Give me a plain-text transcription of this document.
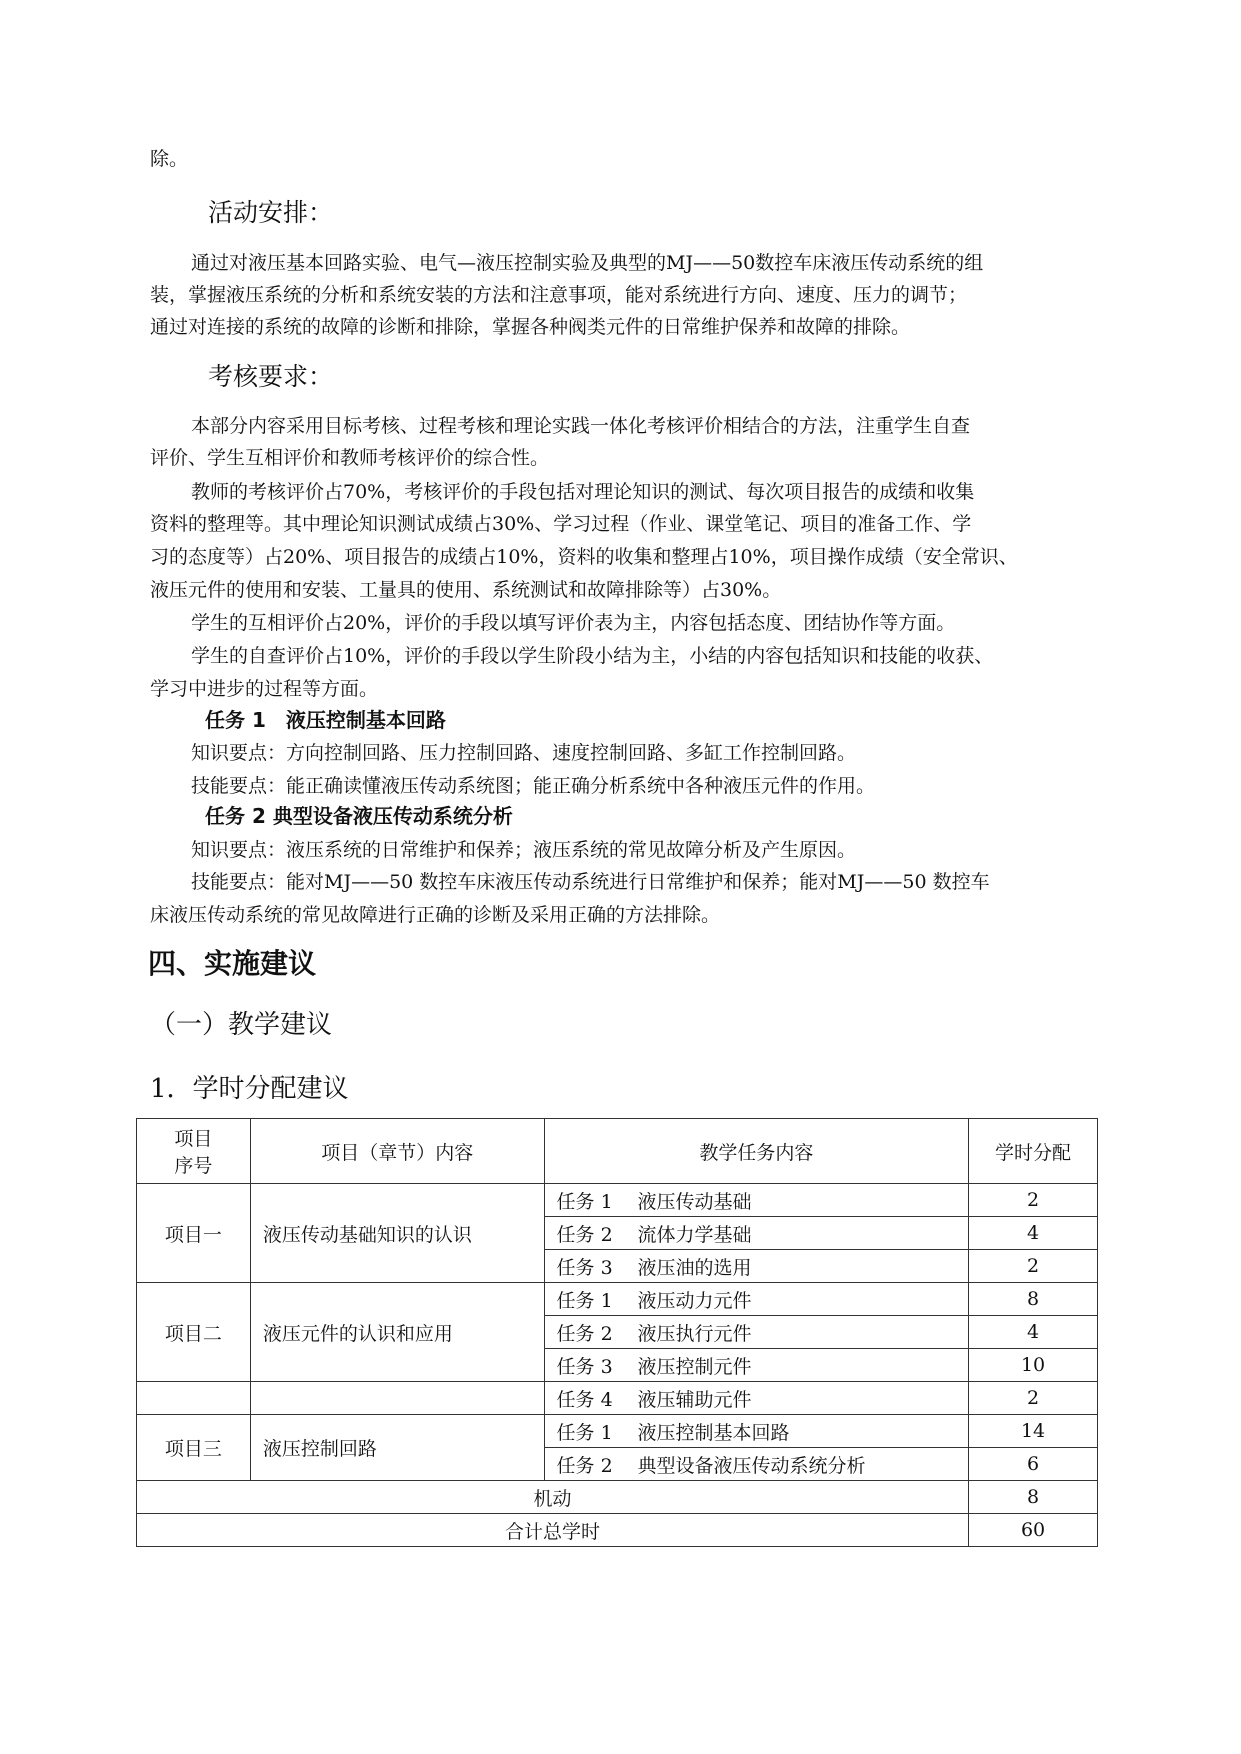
除。
活动安排：
通过对液压基本回路实验、电气—液压控制实验及典型的MJ——50数控车床液压传动系统的组
装，掌握液压系统的分析和系统安装的方法和注意事项，能对系统进行方向、速度、压力的调节；
通过对连接的系统的故障的诊断和排除，掌握各种阀类元件的日常维护保养和故障的排除。
考核要求：
本部分内容采用目标考核、过程考核和理论实践一体化考核评价相结合的方法，注重学生自查
评价、学生互相评价和教师考核评价的综合性。
教师的考核评价占70%，考核评价的手段包括对理论知识的测试、每次项目报告的成绩和收集
资料的整理等。其中理论知识测试成绩占30%、学习过程（作业、课堂笔记、项目的准备工作、学
习的态度等）占20%、项目报告的成绩占10%，资料的收集和整理占10%，项目操作成绩（安全常识、
液压元件的使用和安装、工量具的使用、系统测试和故障排除等）占30%。
学生的互相评价占20%，评价的手段以填写评价表为主，内容包括态度、团结协作等方面。
学生的自查评价占10%，评价的手段以学生阶段小结为主，小结的内容包括知识和技能的收获、
学习中进步的过程等方面。
任务 1　液压控制基本回路
知识要点：方向控制回路、压力控制回路、速度控制回路、多缸工作控制回路。
技能要点：能正确读懂液压传动系统图；能正确分析系统中各种液压元件的作用。
任务 2 典型设备液压传动系统分析
知识要点：液压系统的日常维护和保养；液压系统的常见故障分析及产生原因。
技能要点：能对MJ——50 数控车床液压传动系统进行日常维护和保养；能对MJ——50 数控车
床液压传动系统的常见故障进行正确的诊断及采用正确的方法排除。
四、实施建议
（一）教学建议
1．学时分配建议
项目
序号	项目（章节）内容	教学任务内容	学时分配
项目一	液压传动基础知识的认识	任务 1 液压传动基础	2
		任务 2 流体力学基础	4
		任务 3 液压油的选用	2
项目二	液压元件的认识和应用	任务 1 液压动力元件	8
		任务 2 液压执行元件	4
		任务 3 液压控制元件	10
		任务 4 液压辅助元件	2
项目三	液压控制回路	任务 1 液压控制基本回路	14
		任务 2 典型设备液压传动系统分析	6
机动			8
合计总学时			60
